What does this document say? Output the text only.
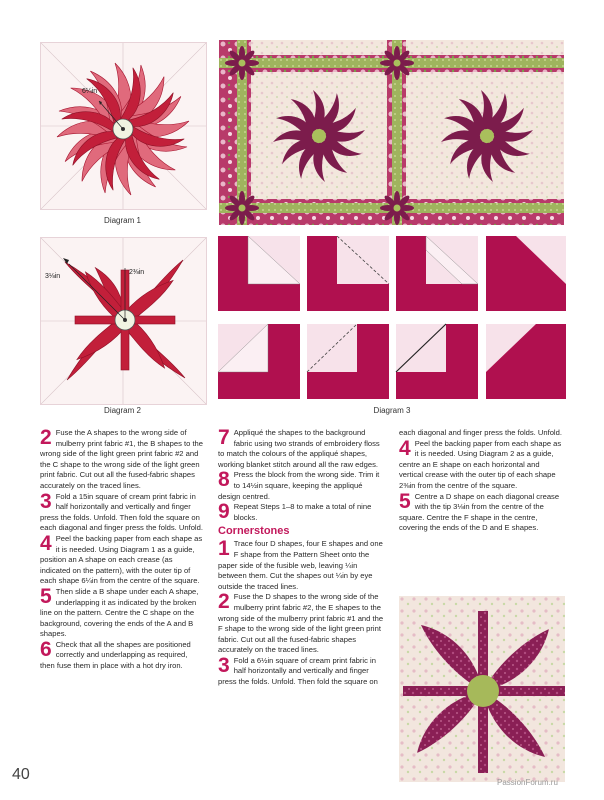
6¼in
Diagram 1
3⅛in
2⅜in
Diagram 2	Diagram 3
2 Fuse the A shapes to the wrong side of mulberry print fabric #1, the B shapes to the wrong side of the light green print fabric #2 and the C shape to the wrong side of the light green print fabric. Cut out all the fused-fabric shapes accurately on the traced lines.

3 Fold a 15in square of cream print fabric in half horizontally and vertically and finger press the folds. Unfold. Then fold the square on each diagonal and finger press the folds. Unfold.

4 Peel the backing paper from each shape as it is needed. Using Diagram 1 as a guide, position an A shape on each crease (as indicated on the pattern), with the outer tip of each shape 6¼in from the centre of the square.

5 Then slide a B shape under each A shape, underlapping it as indicated by the broken line on the pattern. Centre the C shape on the background, covering the ends of the A and B shapes.

6 Check that all the shapes are positioned correctly and underlapping as required, then fuse them in place with a hot dry iron.

7 Appliqué the shapes to the background fabric using two strands of embroidery floss to match the colours of the appliqué shapes, working blanket stitch around all the raw edges.

8 Press the block from the wrong side. Trim it to 14½in square, keeping the appliqué design centred.

9 Repeat Steps 1–8 to make a total of nine blocks.

Cornerstones
1 Trace four D shapes, four E shapes and one F shape from the Pattern Sheet onto the paper side of the fusible web, leaving ¼in between them. Cut the shapes out ¼in by eye outside the traced lines.

2 Fuse the D shapes to the wrong side of the mulberry print fabric #2, the E shapes to the wrong side of the mulberry print fabric #1 and the F shape to the wrong side of the light green print fabric. Cut out all the fused-fabric shapes accurately on the traced lines.

3 Fold a 6½in square of cream print fabric in half horizontally and vertically and finger press the folds. Unfold. Then fold the square on

each diagonal and finger press the folds. Unfold.

4 Peel the backing paper from each shape as it is needed. Using Diagram 2 as a guide, centre an E shape on each horizontal and vertical crease with the outer tip of each shape 2⅜in from the centre of the square.

5 Centre a D shape on each diagonal crease with the tip 3⅛in from the centre of the square. Centre the F shape in the centre, covering the ends of the D and E shapes.

40	PassionForum.ru
